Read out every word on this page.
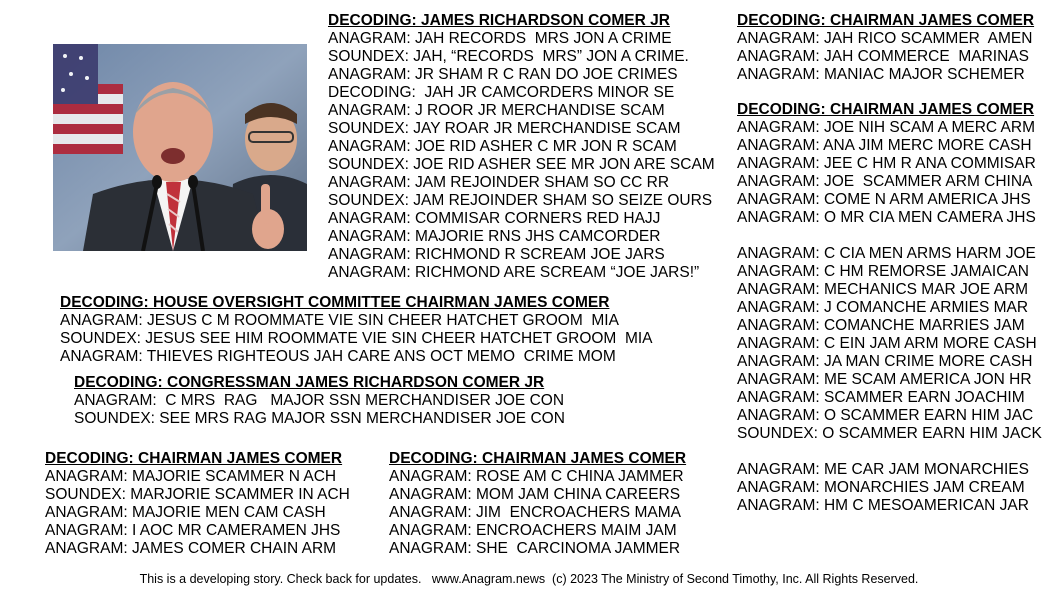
DECODING: JAMES RICHARDSON COMER JR
ANAGRAM: JAH RECORDS  MRS JON A CRIME
SOUNDEX: JAH, “RECORDS  MRS” JON A CRIME.
ANAGRAM: JR SHAM R C RAN DO JOE CRIMES
DECODING:  JAH JR CAMCORDERS MINOR SE
ANAGRAM: J ROOR JR MERCHANDISE SCAM
SOUNDEX: JAY ROAR JR MERCHANDISE SCAM
ANAGRAM: JOE RID ASHER C MR JON R SCAM
SOUNDEX: JOE RID ASHER SEE MR JON ARE SCAM
ANAGRAM: JAM REJOINDER SHAM SO CC RR
SOUNDEX: JAM REJOINDER SHAM SO SEIZE OURS
ANAGRAM: COMMISAR CORNERS RED HAJJ
ANAGRAM: MAJORIE RNS JHS CAMCORDER
ANAGRAM: RICHMOND R SCREAM JOE JARS
ANAGRAM: RICHMOND ARE SCREAM “JOE JARS!”
DECODING: CHAIRMAN JAMES COMER
ANAGRAM: JAH RICO SCAMMER  AMEN
ANAGRAM: JAH COMMERCE  MARINAS
ANAGRAM: MANIAC MAJOR SCHEMER
DECODING: CHAIRMAN JAMES COMER
ANAGRAM: JOE NIH SCAM A MERC ARM
ANAGRAM: ANA JIM MERC MORE CASH
ANAGRAM: JEE C HM R ANA COMMISAR
ANAGRAM: JOE  SCAMMER ARM CHINA
ANAGRAM: COME N ARM AMERICA JHS
ANAGRAM: O MR CIA MEN CAMERA JHS

ANAGRAM: C CIA MEN ARMS HARM JOE
ANAGRAM: C HM REMORSE JAMAICAN
ANAGRAM: MECHANICS MAR JOE ARM
ANAGRAM: J COMANCHE ARMIES MAR
ANAGRAM: COMANCHE MARRIES JAM
ANAGRAM: C EIN JAM ARM MORE CASH
ANAGRAM: JA MAN CRIME MORE CASH
ANAGRAM: ME SCAM AMERICA JON HR
ANAGRAM: SCAMMER EARN JOACHIM
ANAGRAM: O SCAMMER EARN HIM JAC
SOUNDEX: O SCAMMER EARN HIM JACK

ANAGRAM: ME CAR JAM MONARCHIES
ANAGRAM: MONARCHIES JAM CREAM
ANAGRAM: HM C MESOAMERICAN JAR
DECODING: HOUSE OVERSIGHT COMMITTEE CHAIRMAN JAMES COMER
ANAGRAM: JESUS C M ROOMMATE VIE SIN CHEER HATCHET GROOM  MIA
SOUNDEX: JESUS SEE HIM ROOMMATE VIE SIN CHEER HATCHET GROOM  MIA
ANAGRAM: THIEVES RIGHTEOUS JAH CARE ANS OCT MEMO  CRIME MOM
DECODING: CONGRESSMAN JAMES RICHARDSON COMER JR
ANAGRAM:  C MRS  RAG   MAJOR SSN MERCHANDISER JOE CON
SOUNDEX: SEE MRS RAG MAJOR SSN MERCHANDISER JOE CON
DECODING: CHAIRMAN JAMES COMER
ANAGRAM: MAJORIE SCAMMER N ACH
SOUNDEX: MARJORIE SCAMMER IN ACH
ANAGRAM: MAJORIE MEN CAM CASH
ANAGRAM: I AOC MR CAMERAMEN JHS
ANAGRAM: JAMES COMER CHAIN ARM
DECODING: CHAIRMAN JAMES COMER
ANAGRAM: ROSE AM C CHINA JAMMER
ANAGRAM: MOM JAM CHINA CAREERS
ANAGRAM: JIM  ENCROACHERS MAMA
ANAGRAM: ENCROACHERS MAIM JAM
ANAGRAM: SHE  CARCINOMA JAMMER
This is a developing story. Check back for updates.   www.Anagram.news  (c) 2023 The Ministry of Second Timothy, Inc. All Rights Reserved.
